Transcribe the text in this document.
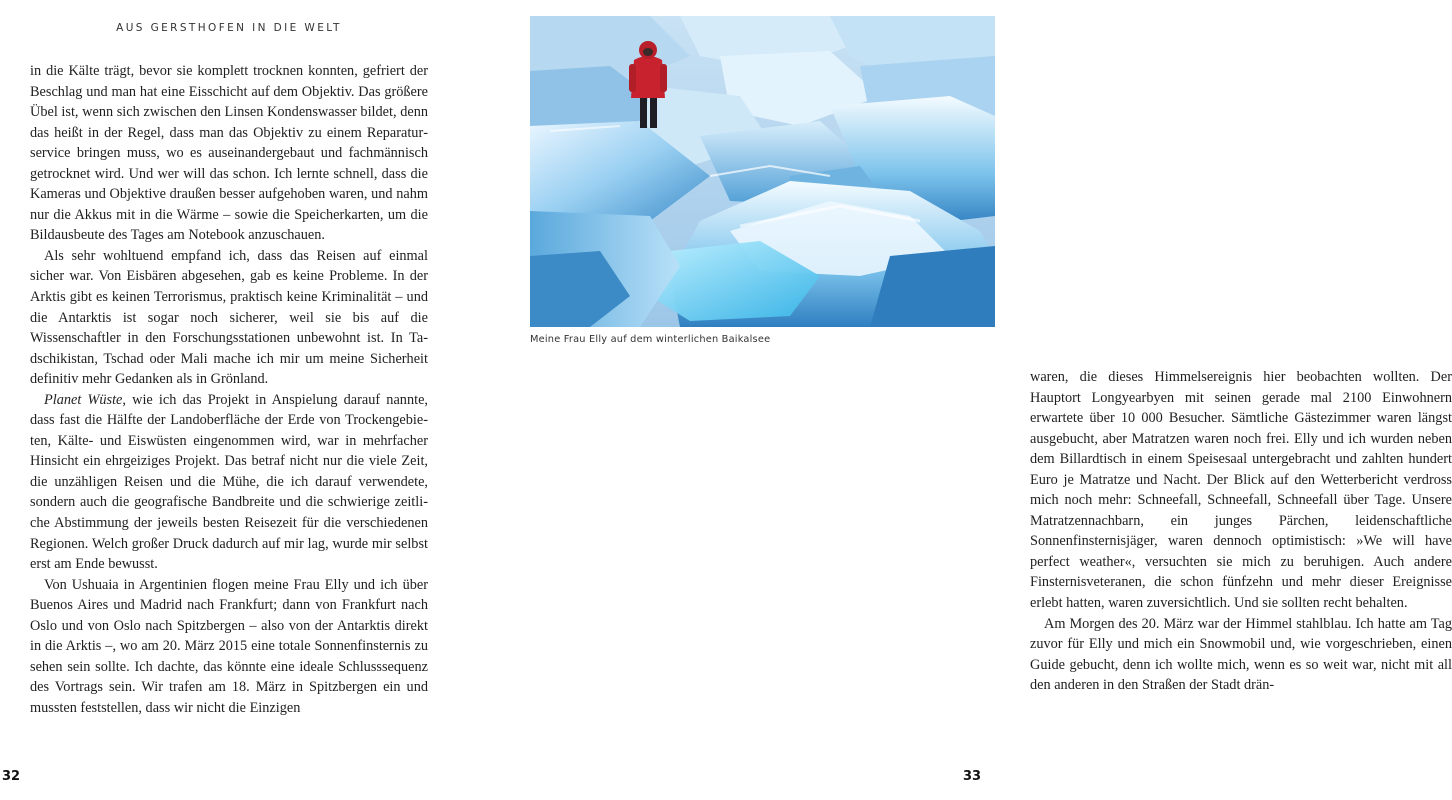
AUS GERSTHOFEN IN DIE WELT

in die Kälte trägt, bevor sie komplett trocknen konnten, gefriert der Beschlag und man hat eine Eisschicht auf dem Objektiv. Das größere Übel ist, wenn sich zwischen den Linsen Kondenswasser bildet, denn das heißt in der Regel, dass man das Objektiv zu einem Reparaturservice bringen muss, wo es auseinandergebaut und fachmännisch getrocknet wird. Und wer will das schon. Ich lernte schnell, dass die Kameras und Objektive draußen besser aufgehoben waren, und nahm nur die Akkus mit in die Wärme – sowie die Speicherkarten, um die Bildausbeute des Tages am Notebook anzuschauen.

Als sehr wohltuend empfand ich, dass das Reisen auf einmal sicher war. Von Eisbären abgesehen, gab es keine Probleme. In der Arktis gibt es keinen Terrorismus, praktisch keine Kriminalität – und die Antarktis ist sogar noch sicherer, weil sie bis auf die Wissenschaftler in den Forschungsstationen unbewohnt ist. In Tadschikistan, Tschad oder Mali mache ich mir um meine Sicherheit definitiv mehr Gedanken als in Grönland.

Planet Wüste, wie ich das Projekt in Anspielung darauf nannte, dass fast die Hälfte der Landoberfläche der Erde von Trockengebieten, Kälte- und Eiswüsten eingenommen wird, war in mehrfacher Hinsicht ein ehrgeiziges Projekt. Das betraf nicht nur die viele Zeit, die unzähligen Reisen und die Mühe, die ich darauf verwendete, sondern auch die geografische Bandbreite und die schwierige zeitliche Abstimmung der jeweils besten Reisezeit für die verschiedenen Regionen. Welch großer Druck dadurch auf mir lag, wurde mir selbst erst am Ende bewusst.

Von Ushuaia in Argentinien flogen meine Frau Elly und ich über Buenos Aires und Madrid nach Frankfurt; dann von Frankfurt nach Oslo und von Oslo nach Spitzbergen – also von der Antarktis direkt in die Arktis –, wo am 20. März 2015 eine totale Sonnenfinsternis zu sehen sein sollte. Ich dachte, das könnte eine ideale Schlusssequenz des Vortrags sein. Wir trafen am 18. März in Spitzbergen ein und mussten feststellen, dass wir nicht die Einzigen

32
Meine Frau Elly auf dem winterlichen Baikalsee

waren, die dieses Himmelsereignis hier beobachten wollten. Der Hauptort Longyearbyen mit seinen gerade mal 2100 Einwohnern erwartete über 10 000 Besucher. Sämtliche Gästezimmer waren längst ausgebucht, aber Matratzen waren noch frei. Elly und ich wurden neben dem Billardtisch in einem Speisesaal untergebracht und zahlten hundert Euro je Matratze und Nacht. Der Blick auf den Wetterbericht verdross mich noch mehr: Schneefall, Schneefall, Schneefall über Tage. Unsere Matratzennachbarn, ein junges Pärchen, leidenschaftliche Sonnenfinsternisjäger, waren dennoch optimistisch: »We will have perfect weather«, versuchten sie mich zu beruhigen. Auch andere Finsternisveteranen, die schon fünfzehn und mehr dieser Ereignisse erlebt hatten, waren zuversichtlich. Und sie sollten recht behalten.

Am Morgen des 20. März war der Himmel stahlblau. Ich hatte am Tag zuvor für Elly und mich ein Snowmobil und, wie vorgeschrieben, einen Guide gebucht, denn ich wollte mich, wenn es so weit war, nicht mit all den anderen in den Straßen der Stadt drän-

33
